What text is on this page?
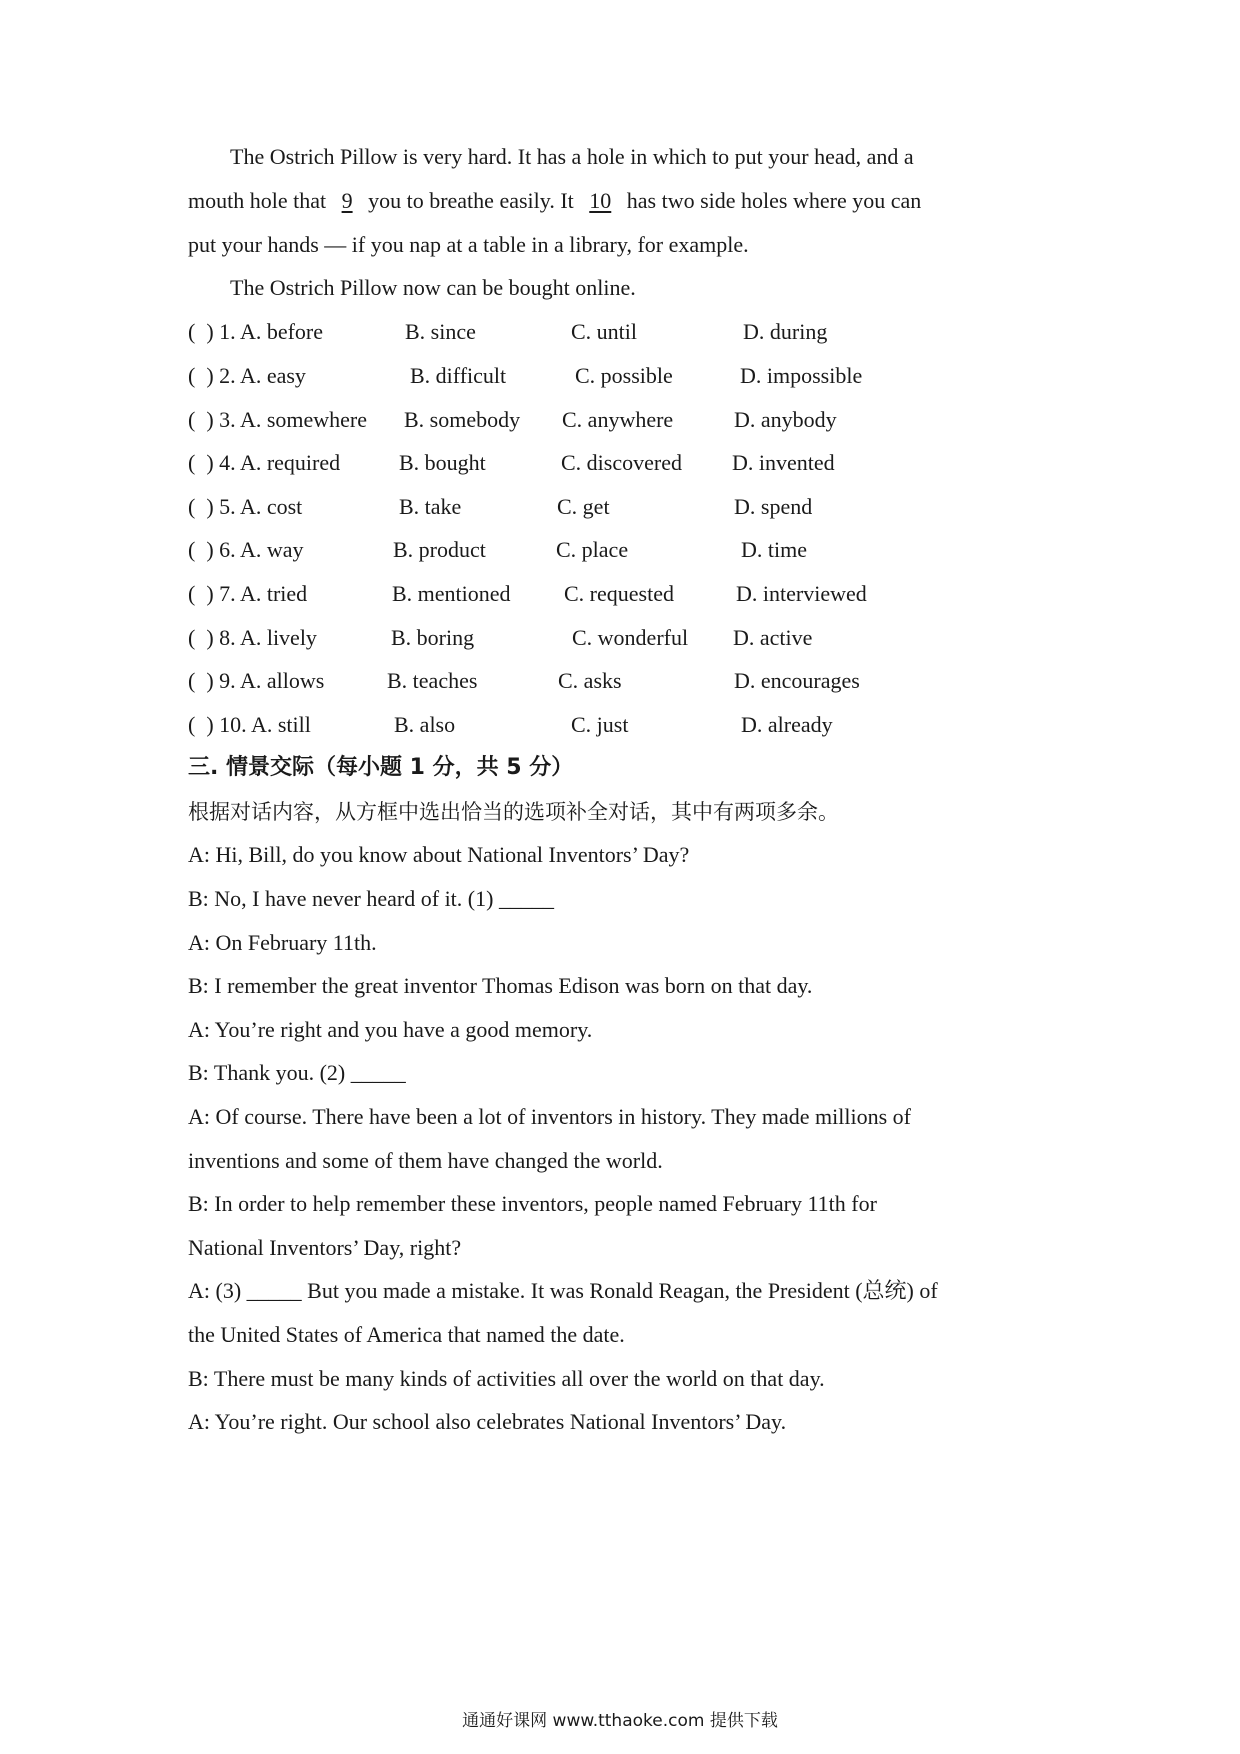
The Ostrich Pillow is very hard. It has a hole in which to put your head, and a
mouth hole that 9 you to breathe easily. It 10 has two side holes where you can
put your hands — if you nap at a table in a library, for example.
The Ostrich Pillow now can be bought online.
(  ) 1. A. before	B. since	C. until	D. during
(  ) 2. A. easy	B. difficult	C. possible	D. impossible
(  ) 3. A. somewhere B. somebody C. anywhere	D. anybody
(  ) 4. A. required	B. bought	C. discovered D. invented
(  ) 5. A. cost	B. take	C. get	D. spend
(  ) 6. A. way	B. product	C. place	D. time
(  ) 7. A. tried	B. mentioned C. requested	D. interviewed
(  ) 8. A. lively	B. boring	C. wonderful D. active
(  ) 9. A. allows	B. teaches	C. asks	D. encourages
(  ) 10. A. still	B. also	C. just	D. already
三. 情景交际（每小题 1 分，共 5 分）
根据对话内容，从方框中选出恰当的选项补全对话，其中有两项多余。
A: Hi, Bill, do you know about National Inventors’ Day?
B: No, I have never heard of it. (1) _____
A: On February 11th.
B: I remember the great inventor Thomas Edison was born on that day.
A: You’re right and you have a good memory.
B: Thank you. (2) _____
A: Of course. There have been a lot of inventors in history. They made millions of
inventions and some of them have changed the world.
B: In order to help remember these inventors, people named February 11th for
National Inventors’ Day, right?
A: (3) _____ But you made a mistake. It was Ronald Reagan, the President (总统) of
the United States of America that named the date.
B: There must be many kinds of activities all over the world on that day.
A: You’re right. Our school also celebrates National Inventors’ Day.
通通好课网 www.tthaoke.com 提供下载
